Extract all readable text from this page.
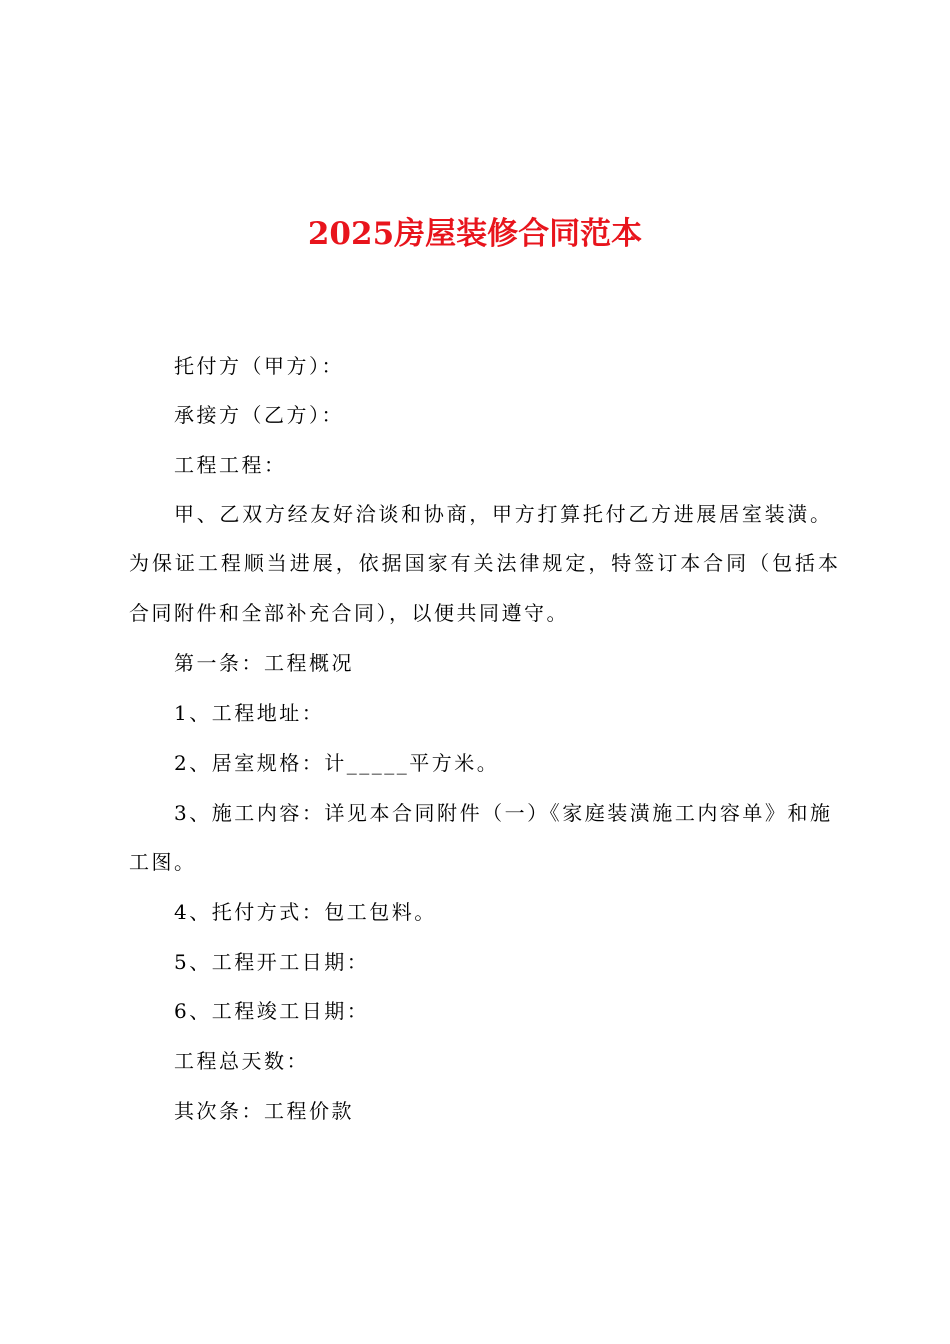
2025房屋装修合同范本
托付方（甲方）：
承接方（乙方）：
工程工程：
甲、乙双方经友好洽谈和协商，甲方打算托付乙方进展居室装潢。
为保证工程顺当进展，依据国家有关法律规定，特签订本合同（包括本
合同附件和全部补充合同），以便共同遵守。
第一条：工程概况
1、工程地址：
2、居室规格：计_____平方米。
3、施工内容：详见本合同附件（一）《家庭装潢施工内容单》和施
工图。
4、托付方式：包工包料。
5、工程开工日期：
6、工程竣工日期：
工程总天数：
其次条：工程价款
